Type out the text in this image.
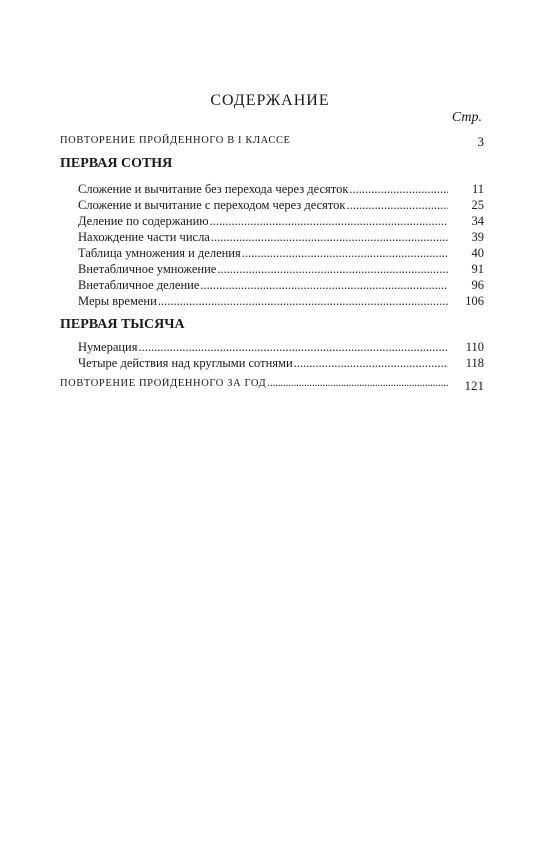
СОДЕРЖАНИЕ
Стр.
ПОВТОРЕНИЕ ПРОЙДЕННОГО В I КЛАССЕ	3
ПЕРВАЯ СОТНЯ
Сложение и вычитание без перехода через десяток .....	11
Сложение и вычитание с переходом через десяток .....	25
Деление по содержанию .....	34
Нахождение части числа .....	39
Таблица умножения и деления .....	40
Внетабличное умножение .....	91
Внетабличное деление .....	96
Меры времени .....	106
ПЕРВАЯ ТЫСЯЧА
Нумерация .....	110
Четыре действия над круглыми сотнями .....	118
ПОВТОРЕНИЕ ПРОЙДЕННОГО ЗА ГОД .....	121
